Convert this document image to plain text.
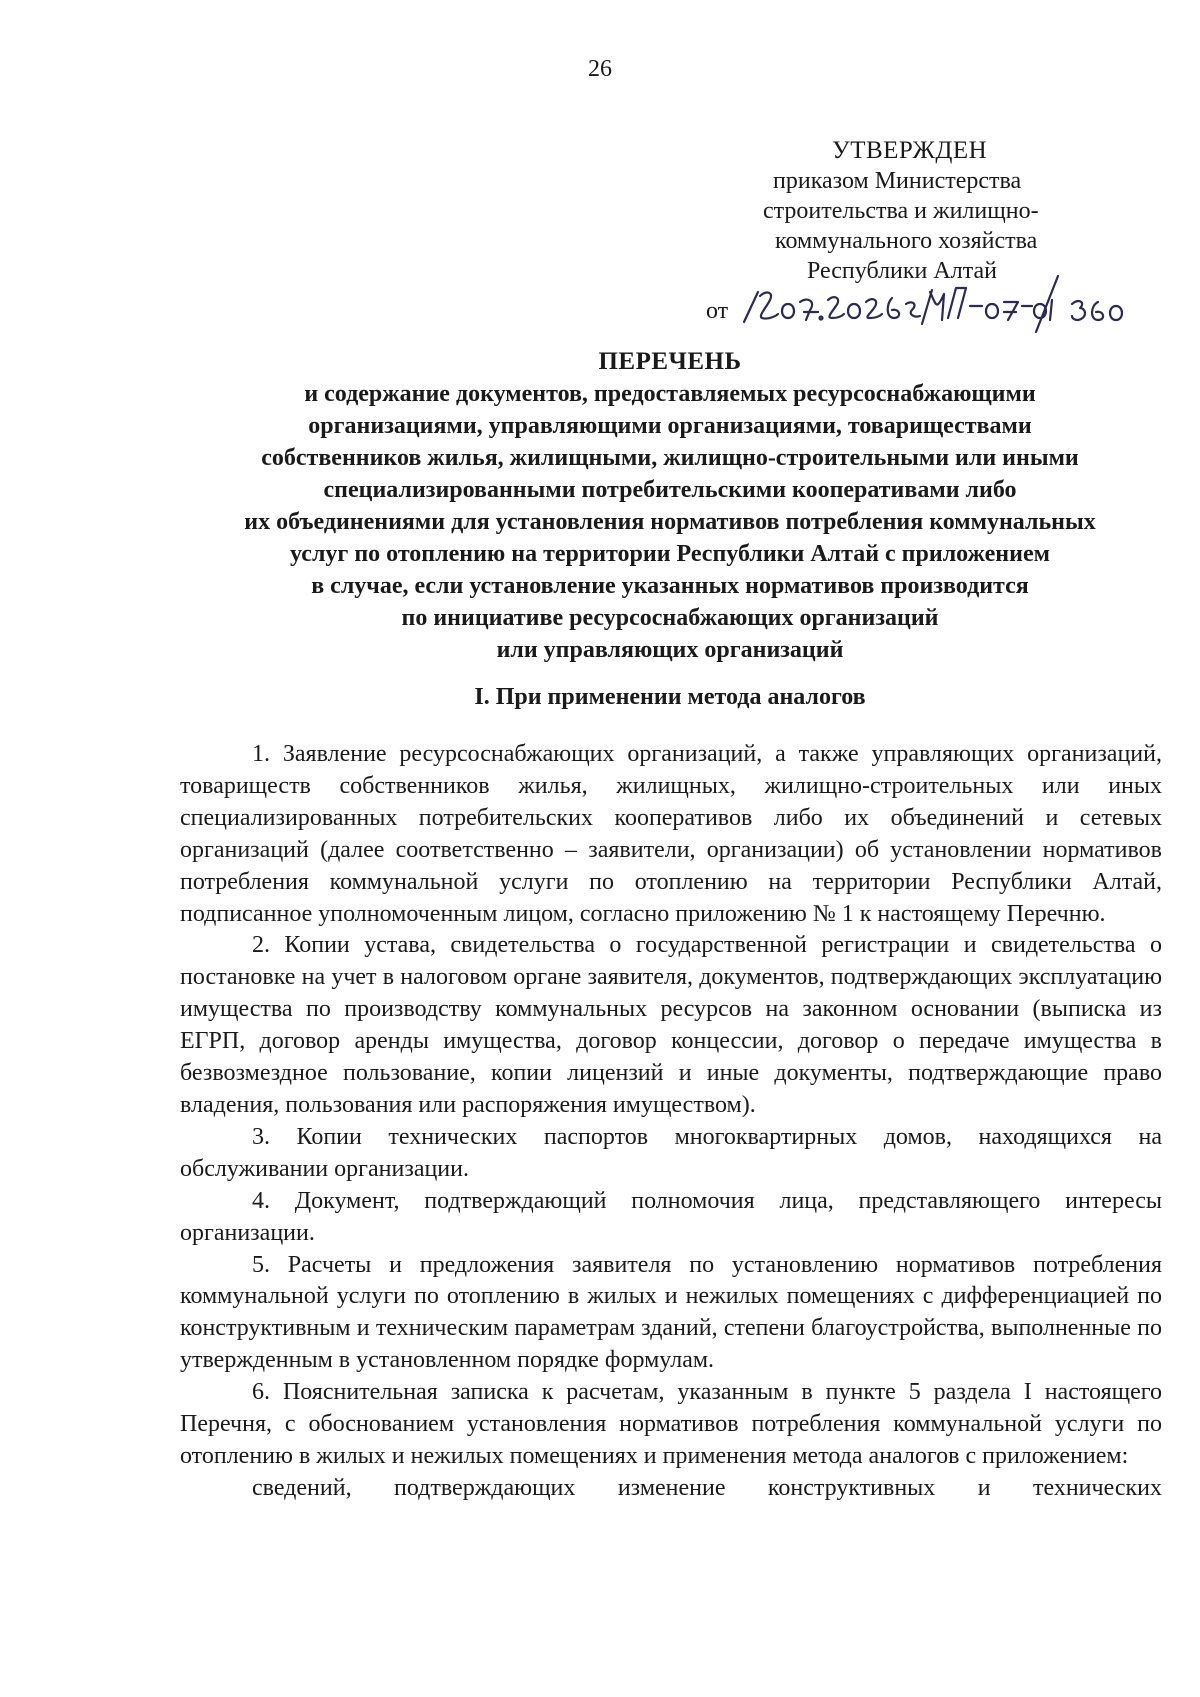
26
УТВЕРЖДЕН
приказом Министерства
строительства и жилищно-
коммунального хозяйства
Республики Алтай
от
ПЕРЕЧЕНЬ
и содержание документов, предоставляемых ресурсоснабжающими
организациями, управляющими организациями, товариществами
собственников жилья, жилищными, жилищно-строительными или иными
специализированными потребительскими кооперативами либо
их объединениями для установления нормативов потребления коммунальных
услуг по отоплению на территории Республики Алтай с приложением
в случае, если установление указанных нормативов производится
по инициативе ресурсоснабжающих организаций
или управляющих организаций
I. При применении метода аналогов

1. Заявление ресурсоснабжающих организаций, а также управляющих организаций, товариществ собственников жилья, жилищных, жилищно-строительных или иных специализированных потребительских кооперативов либо их объединений и сетевых организаций (далее соответственно – заявители, организации) об установлении нормативов потребления коммунальной услуги по отоплению на территории Республики Алтай, подписанное уполномоченным лицом, согласно приложению № 1 к настоящему Перечню.

2. Копии устава, свидетельства о государственной регистрации и свидетельства о постановке на учет в налоговом органе заявителя, документов, подтверждающих эксплуатацию имущества по производству коммунальных ресурсов на законном основании (выписка из ЕГРП, договор аренды имущества, договор концессии, договор о передаче имущества в безвозмездное пользование, копии лицензий и иные документы, подтверждающие право владения, пользования или распоряжения имуществом).

3. Копии технических паспортов многоквартирных домов, находящихся на обслуживании организации.

4. Документ, подтверждающий полномочия лица, представляющего интересы организации.

5. Расчеты и предложения заявителя по установлению нормативов потребления коммунальной услуги по отоплению в жилых и нежилых помещениях с дифференциацией по конструктивным и техническим параметрам зданий, степени благоустройства, выполненные по утвержденным в установленном порядке формулам.

6. Пояснительная записка к расчетам, указанным в пункте 5 раздела I настоящего Перечня, с обоснованием установления нормативов потребления коммунальной услуги по отоплению в жилых и нежилых помещениях и применения метода аналогов с приложением:

сведений, подтверждающих изменение конструктивных и технических
